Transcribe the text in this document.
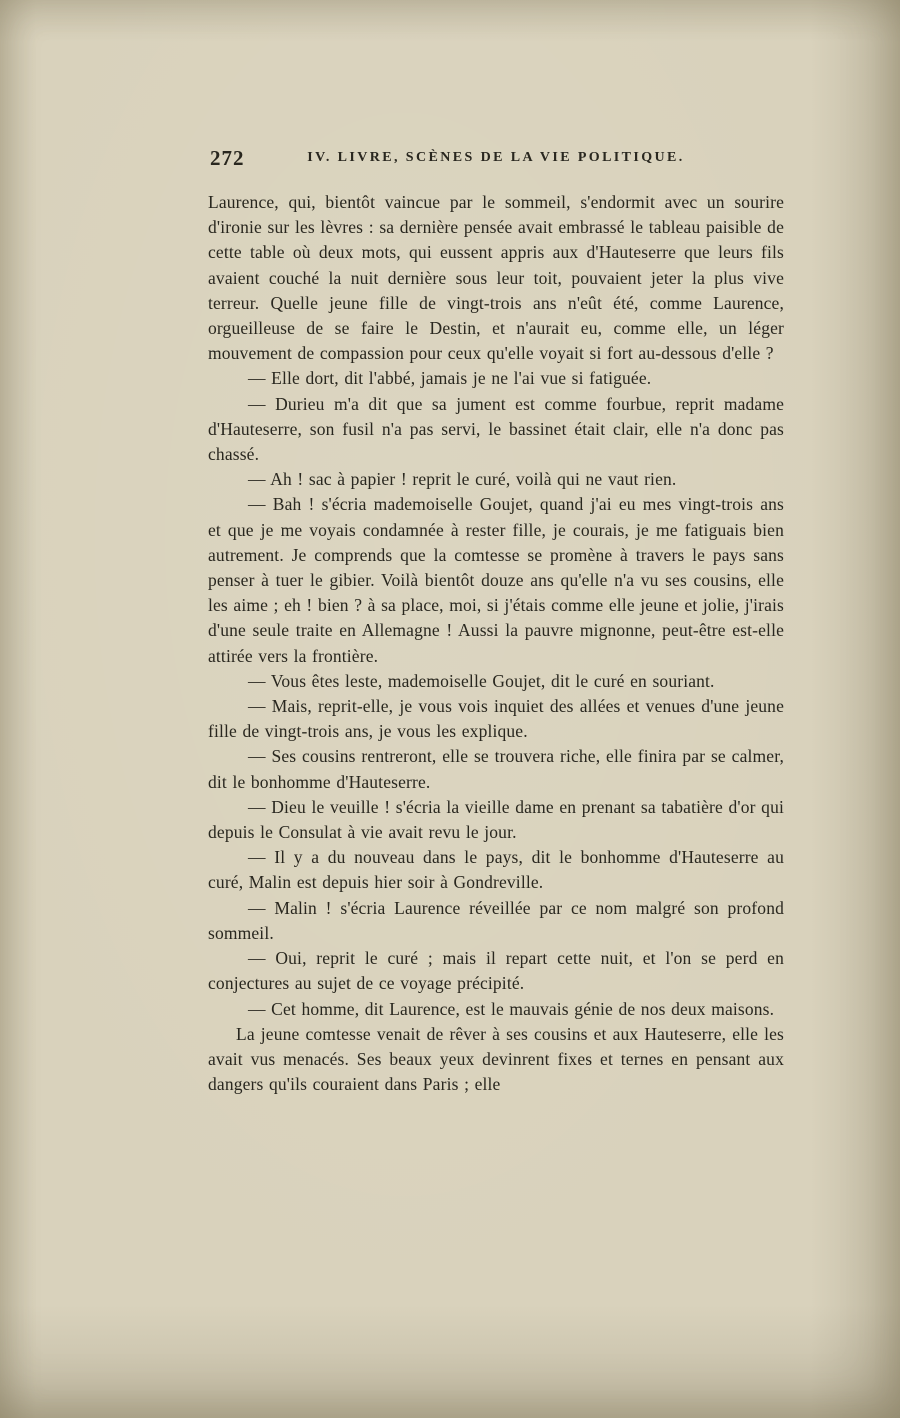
272	IV. LIVRE, SCÈNES DE LA VIE POLITIQUE.

Laurence, qui, bientôt vaincue par le sommeil, s'endormit avec un sourire d'ironie sur les lèvres : sa dernière pensée avait embrassé le tableau paisible de cette table où deux mots, qui eussent appris aux d'Hauteserre que leurs fils avaient couché la nuit dernière sous leur toit, pouvaient jeter la plus vive terreur. Quelle jeune fille de vingt-trois ans n'eût été, comme Laurence, orgueilleuse de se faire le Destin, et n'aurait eu, comme elle, un léger mouvement de compassion pour ceux qu'elle voyait si fort au-dessous d'elle ?

— Elle dort, dit l'abbé, jamais je ne l'ai vue si fatiguée.

— Durieu m'a dit que sa jument est comme fourbue, reprit madame d'Hauteserre, son fusil n'a pas servi, le bassinet était clair, elle n'a donc pas chassé.

— Ah ! sac à papier ! reprit le curé, voilà qui ne vaut rien.

— Bah ! s'écria mademoiselle Goujet, quand j'ai eu mes vingt-trois ans et que je me voyais condamnée à rester fille, je courais, je me fatiguais bien autrement. Je comprends que la comtesse se promène à travers le pays sans penser à tuer le gibier. Voilà bientôt douze ans qu'elle n'a vu ses cousins, elle les aime ; eh ! bien ? à sa place, moi, si j'étais comme elle jeune et jolie, j'irais d'une seule traite en Allemagne ! Aussi la pauvre mignonne, peut-être est-elle attirée vers la frontière.

— Vous êtes leste, mademoiselle Goujet, dit le curé en souriant.

— Mais, reprit-elle, je vous vois inquiet des allées et venues d'une jeune fille de vingt-trois ans, je vous les explique.

— Ses cousins rentreront, elle se trouvera riche, elle finira par se calmer, dit le bonhomme d'Hauteserre.

— Dieu le veuille ! s'écria la vieille dame en prenant sa tabatière d'or qui depuis le Consulat à vie avait revu le jour.

— Il y a du nouveau dans le pays, dit le bonhomme d'Hauteserre au curé, Malin est depuis hier soir à Gondreville.

— Malin ! s'écria Laurence réveillée par ce nom malgré son profond sommeil.

— Oui, reprit le curé ; mais il repart cette nuit, et l'on se perd en conjectures au sujet de ce voyage précipité.

— Cet homme, dit Laurence, est le mauvais génie de nos deux maisons.

La jeune comtesse venait de rêver à ses cousins et aux Hauteserre, elle les avait vus menacés. Ses beaux yeux devinrent fixes et ternes en pensant aux dangers qu'ils couraient dans Paris ; elle
